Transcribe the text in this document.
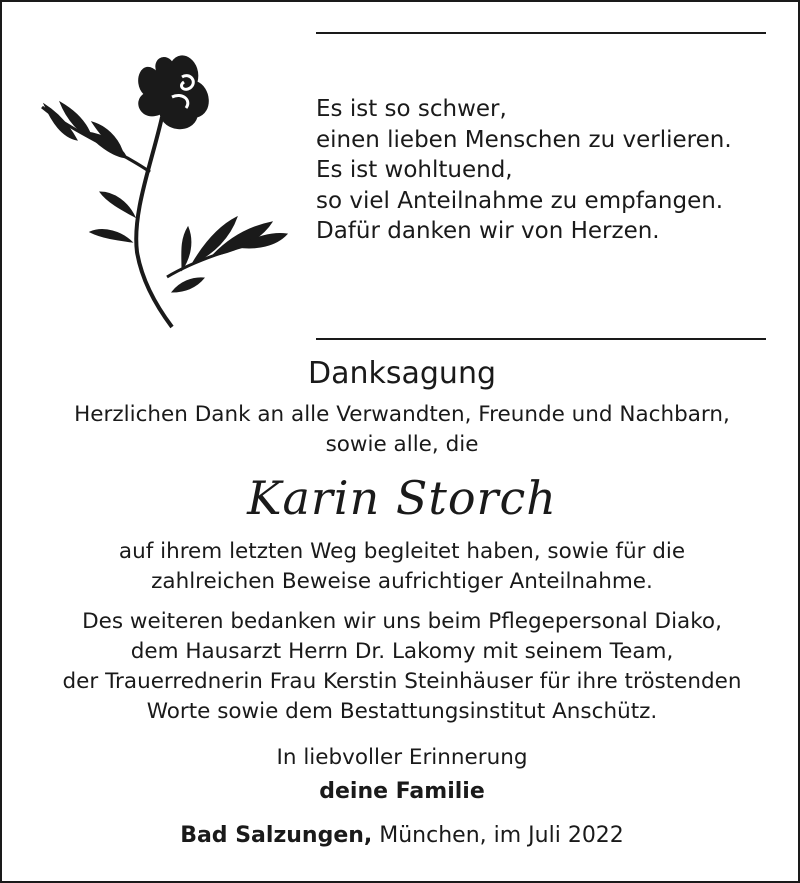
Es ist so schwer,
einen lieben Menschen zu verlieren.
Es ist wohltuend,
so viel Anteilnahme zu empfangen.
Dafür danken wir von Herzen.
Danksagung
Herzlichen Dank an alle Verwandten, Freunde und Nachbarn,
sowie alle, die
Karin Storch
auf ihrem letzten Weg begleitet haben, sowie für die
zahlreichen Beweise aufrichtiger Anteilnahme.
Des weiteren bedanken wir uns beim Pflegepersonal Diako,
dem Hausarzt Herrn Dr. Lakomy mit seinem Team,
der Trauerrednerin Frau Kerstin Steinhäuser für ihre tröstenden
Worte sowie dem Bestattungsinstitut Anschütz.
In liebvoller Erinnerung
deine Familie
Bad Salzungen, München, im Juli 2022
